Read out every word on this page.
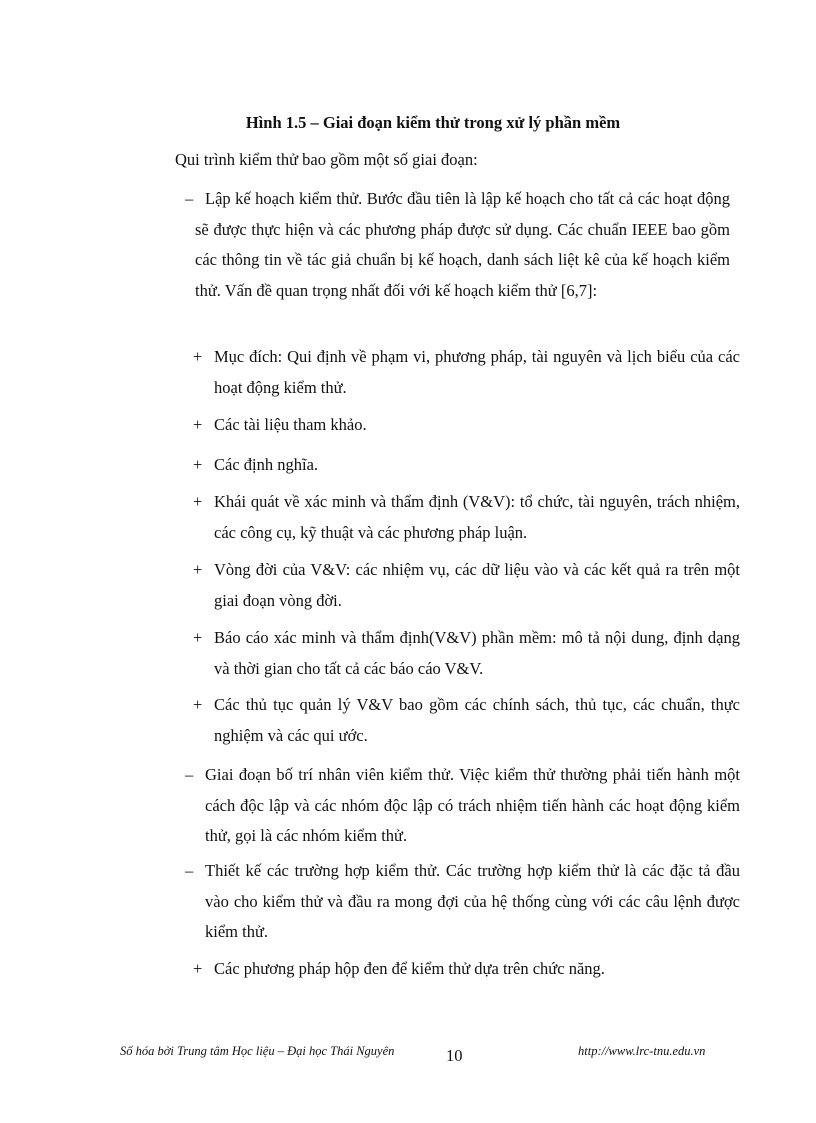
Hình 1.5 – Giai đoạn kiểm thử trong xử lý phần mềm
Qui trình kiểm thử bao gồm một số giai đoạn:
– Lập kế hoạch kiểm thử. Bước đầu tiên là lập kế hoạch cho tất cả các hoạt động sẽ được thực hiện và các phương pháp được sử dụng. Các chuẩn IEEE bao gồm các thông tin về tác giả chuẩn bị kế hoạch, danh sách liệt kê của kế hoạch kiểm thử. Vấn đề quan trọng nhất đối với kế hoạch kiểm thử [6,7]:
+ Mục đích: Qui định về phạm vi, phương pháp, tài nguyên và lịch biểu của các hoạt động kiểm thử.
+ Các tài liệu tham khảo.
+ Các định nghĩa.
+ Khái quát về xác minh và thẩm định (V&V): tổ chức, tài nguyên, trách nhiệm, các công cụ, kỹ thuật và các phương pháp luận.
+ Vòng đời của V&V: các nhiệm vụ, các dữ liệu vào và các kết quả ra trên một giai đoạn vòng đời.
+ Báo cáo xác minh và thẩm định(V&V) phần mềm: mô tả nội dung, định dạng và thời gian cho tất cả các báo cáo V&V.
+ Các thủ tục quản lý V&V bao gồm các chính sách, thủ tục, các chuẩn, thực nghiệm và các qui ước.
– Giai đoạn bố trí nhân viên kiểm thử. Việc kiểm thử thường phải tiến hành một cách độc lập và các nhóm độc lập có trách nhiệm tiến hành các hoạt động kiểm thử, gọi là các nhóm kiểm thử.
– Thiết kế các trường hợp kiểm thử. Các trường hợp kiểm thử là các đặc tả đầu vào cho kiểm thử và đầu ra mong đợi của hệ thống cùng với các câu lệnh được kiểm thử.
+ Các phương pháp hộp đen để kiểm thử dựa trên chức năng.
Số hóa bởi Trung tâm Học liệu – Đại học Thái Nguyên	10	http://www.lrc-tnu.edu.vn
